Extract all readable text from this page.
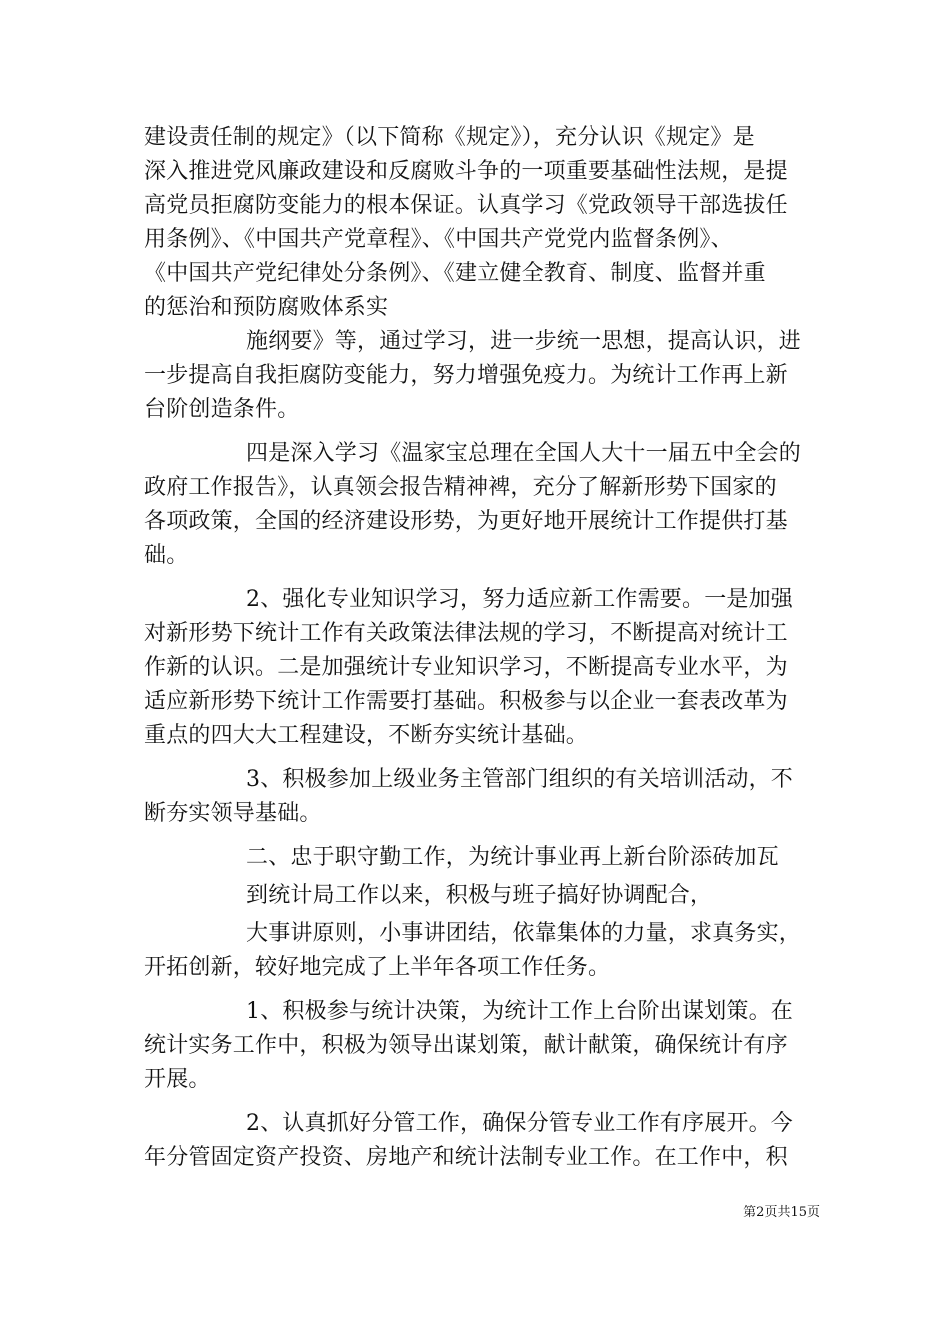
建设责任制的规定》（以下简称《规定》），充分认识《规定》是
深入推进党风廉政建设和反腐败斗争的一项重要基础性法规，是提
高党员拒腐防变能力的根本保证。认真学习《党政领导干部选拔任
用条例》、《中国共产党章程》、《中国共产党党内监督条例》、
《中国共产党纪律处分条例》、《建立健全教育、制度、监督并重
的惩治和预防腐败体系实
施纲要》等，通过学习，进一步统一思想，提高认识，进
一步提高自我拒腐防变能力，努力增强免疫力。为统计工作再上新
台阶创造条件。
四是深入学习《温家宝总理在全国人大十一届五中全会的
政府工作报告》，认真领会报告精神裨，充分了解新形势下国家的
各项政策，全国的经济建设形势，为更好地开展统计工作提供打基
础。
2、强化专业知识学习，努力适应新工作需要。一是加强
对新形势下统计工作有关政策法律法规的学习，不断提高对统计工
作新的认识。二是加强统计专业知识学习，不断提高专业水平，为
适应新形势下统计工作需要打基础。积极参与以企业一套表改革为
重点的四大大工程建设，不断夯实统计基础。
3、积极参加上级业务主管部门组织的有关培训活动，不
断夯实领导基础。
二、忠于职守勤工作，为统计事业再上新台阶添砖加瓦
到统计局工作以来，积极与班子搞好协调配合，
大事讲原则，小事讲团结，依靠集体的力量，求真务实，
开拓创新，较好地完成了上半年各项工作任务。
1、积极参与统计决策，为统计工作上台阶出谋划策。在
统计实务工作中，积极为领导出谋划策，献计献策，确保统计有序
开展。
2、认真抓好分管工作，确保分管专业工作有序展开。今
年分管固定资产投资、房地产和统计法制专业工作。在工作中，积
第2页共15页
